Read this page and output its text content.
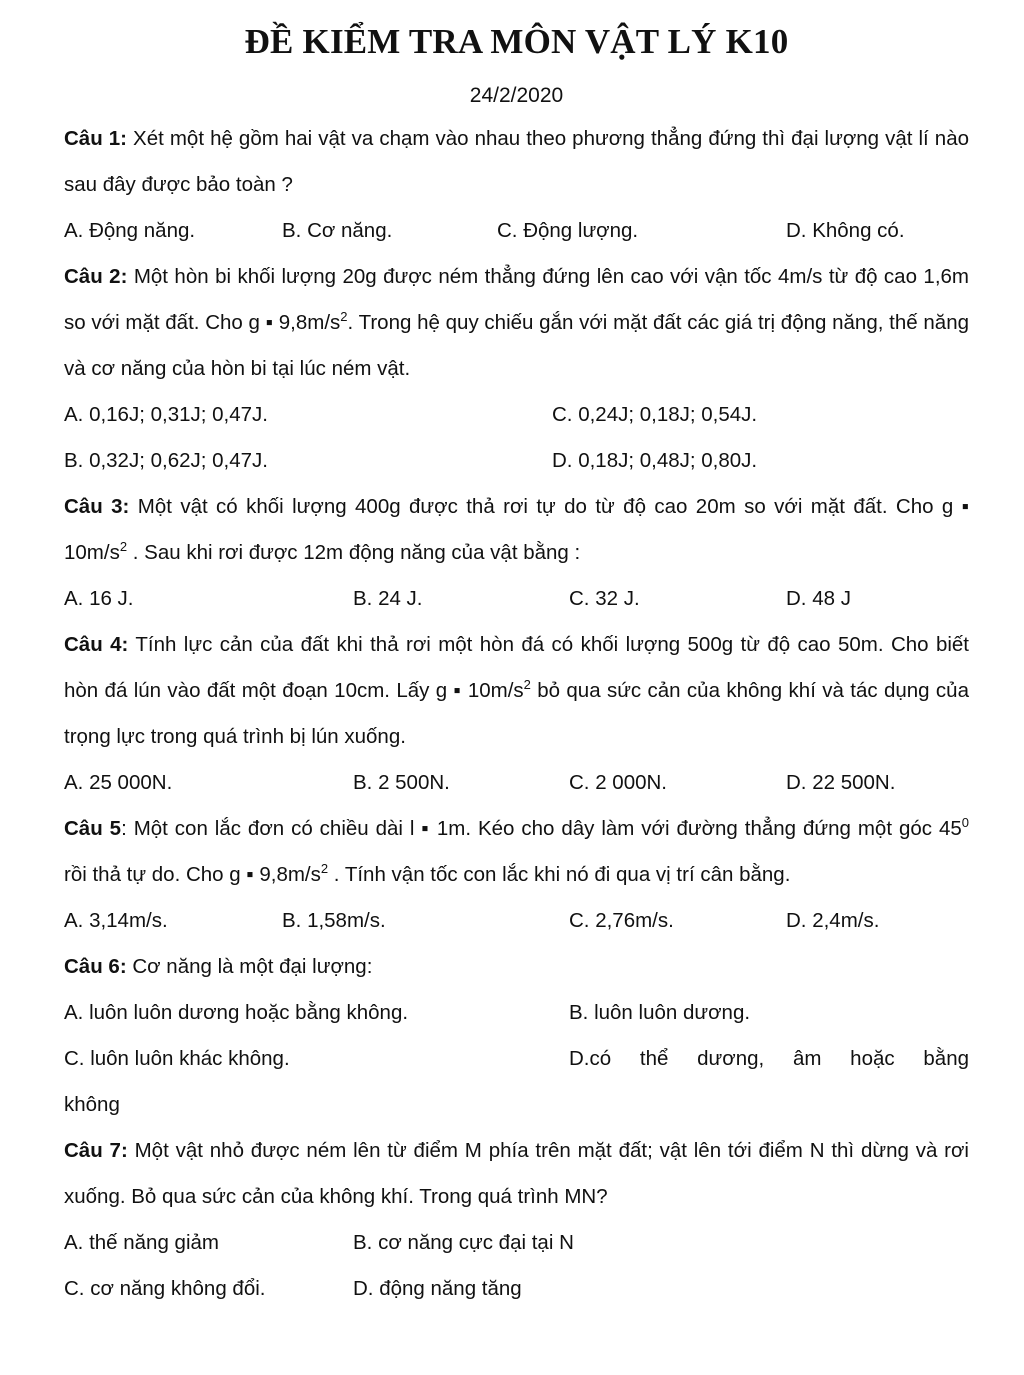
ĐỀ KIỂM TRA MÔN VẬT LÝ K10
24/2/2020
Câu 1: Xét một hệ gồm hai vật va chạm vào nhau theo phương thẳng đứng thì đại lượng vật lí nào sau đây được bảo toàn ?
A. Động năng.	B. Cơ năng.	C. Động lượng.	D. Không có.
Câu 2: Một hòn bi khối lượng 20g được ném thẳng đứng lên cao với vận tốc 4m/s từ độ cao 1,6m so với mặt đất. Cho g ▪ $9,8m/s^2$. Trong hệ quy chiếu gắn với mặt đất các giá trị động năng, thế năng và cơ năng của hòn bi tại lúc ném vật.
A. 0,16J; 0,31J; 0,47J.	C. 0,24J; 0,18J; 0,54J.
B. 0,32J; 0,62J; 0,47J.	D. 0,18J; 0,48J; 0,80J.
Câu 3: Một vật có khối lượng 400g được thả rơi tự do từ độ cao 20m so với mặt đất. Cho g ▪ $10m/s^2$ . Sau khi rơi được 12m động năng của vật bằng :
A. 16 J.	B. 24 J.	C. 32 J.	D. 48 J
Câu 4: Tính lực cản của đất khi thả rơi một hòn đá có khối lượng 500g từ độ cao 50m. Cho biết hòn đá lún vào đất một đoạn 10cm. Lấy g ▪ $10m/s^2$ bỏ qua sức cản của không khí và tác dụng của trọng lực trong quá trình bị lún xuống.
A. 25 000N.	B. 2 500N.	C. 2 000N.	D. 22 500N.
Câu 5: Một con lắc đơn có chiều dài l ▪ 1m. Kéo cho dây làm với đường thẳng đứng một góc $45^0$ rồi thả tự do. Cho g ▪ $9,8m/s^2$ . Tính vận tốc con lắc khi nó đi qua vị trí cân bằng.
A. 3,14m/s.	B. 1,58m/s.	C. 2,76m/s.	D. 2,4m/s.
Câu 6: Cơ năng là một đại lượng:
A. luôn luôn dương hoặc bằng không.	B. luôn luôn dương.
C. luôn luôn khác không.	D.có thể dương, âm hoặc bằng
không
Câu 7: Một vật nhỏ được ném lên từ điểm M phía trên mặt đất; vật lên tới điểm N thì dừng và rơi xuống. Bỏ qua sức cản của không khí. Trong quá trình MN?
A. thế năng giảm	B. cơ năng cực đại tại N
C. cơ năng không đổi.	D. động năng tăng
